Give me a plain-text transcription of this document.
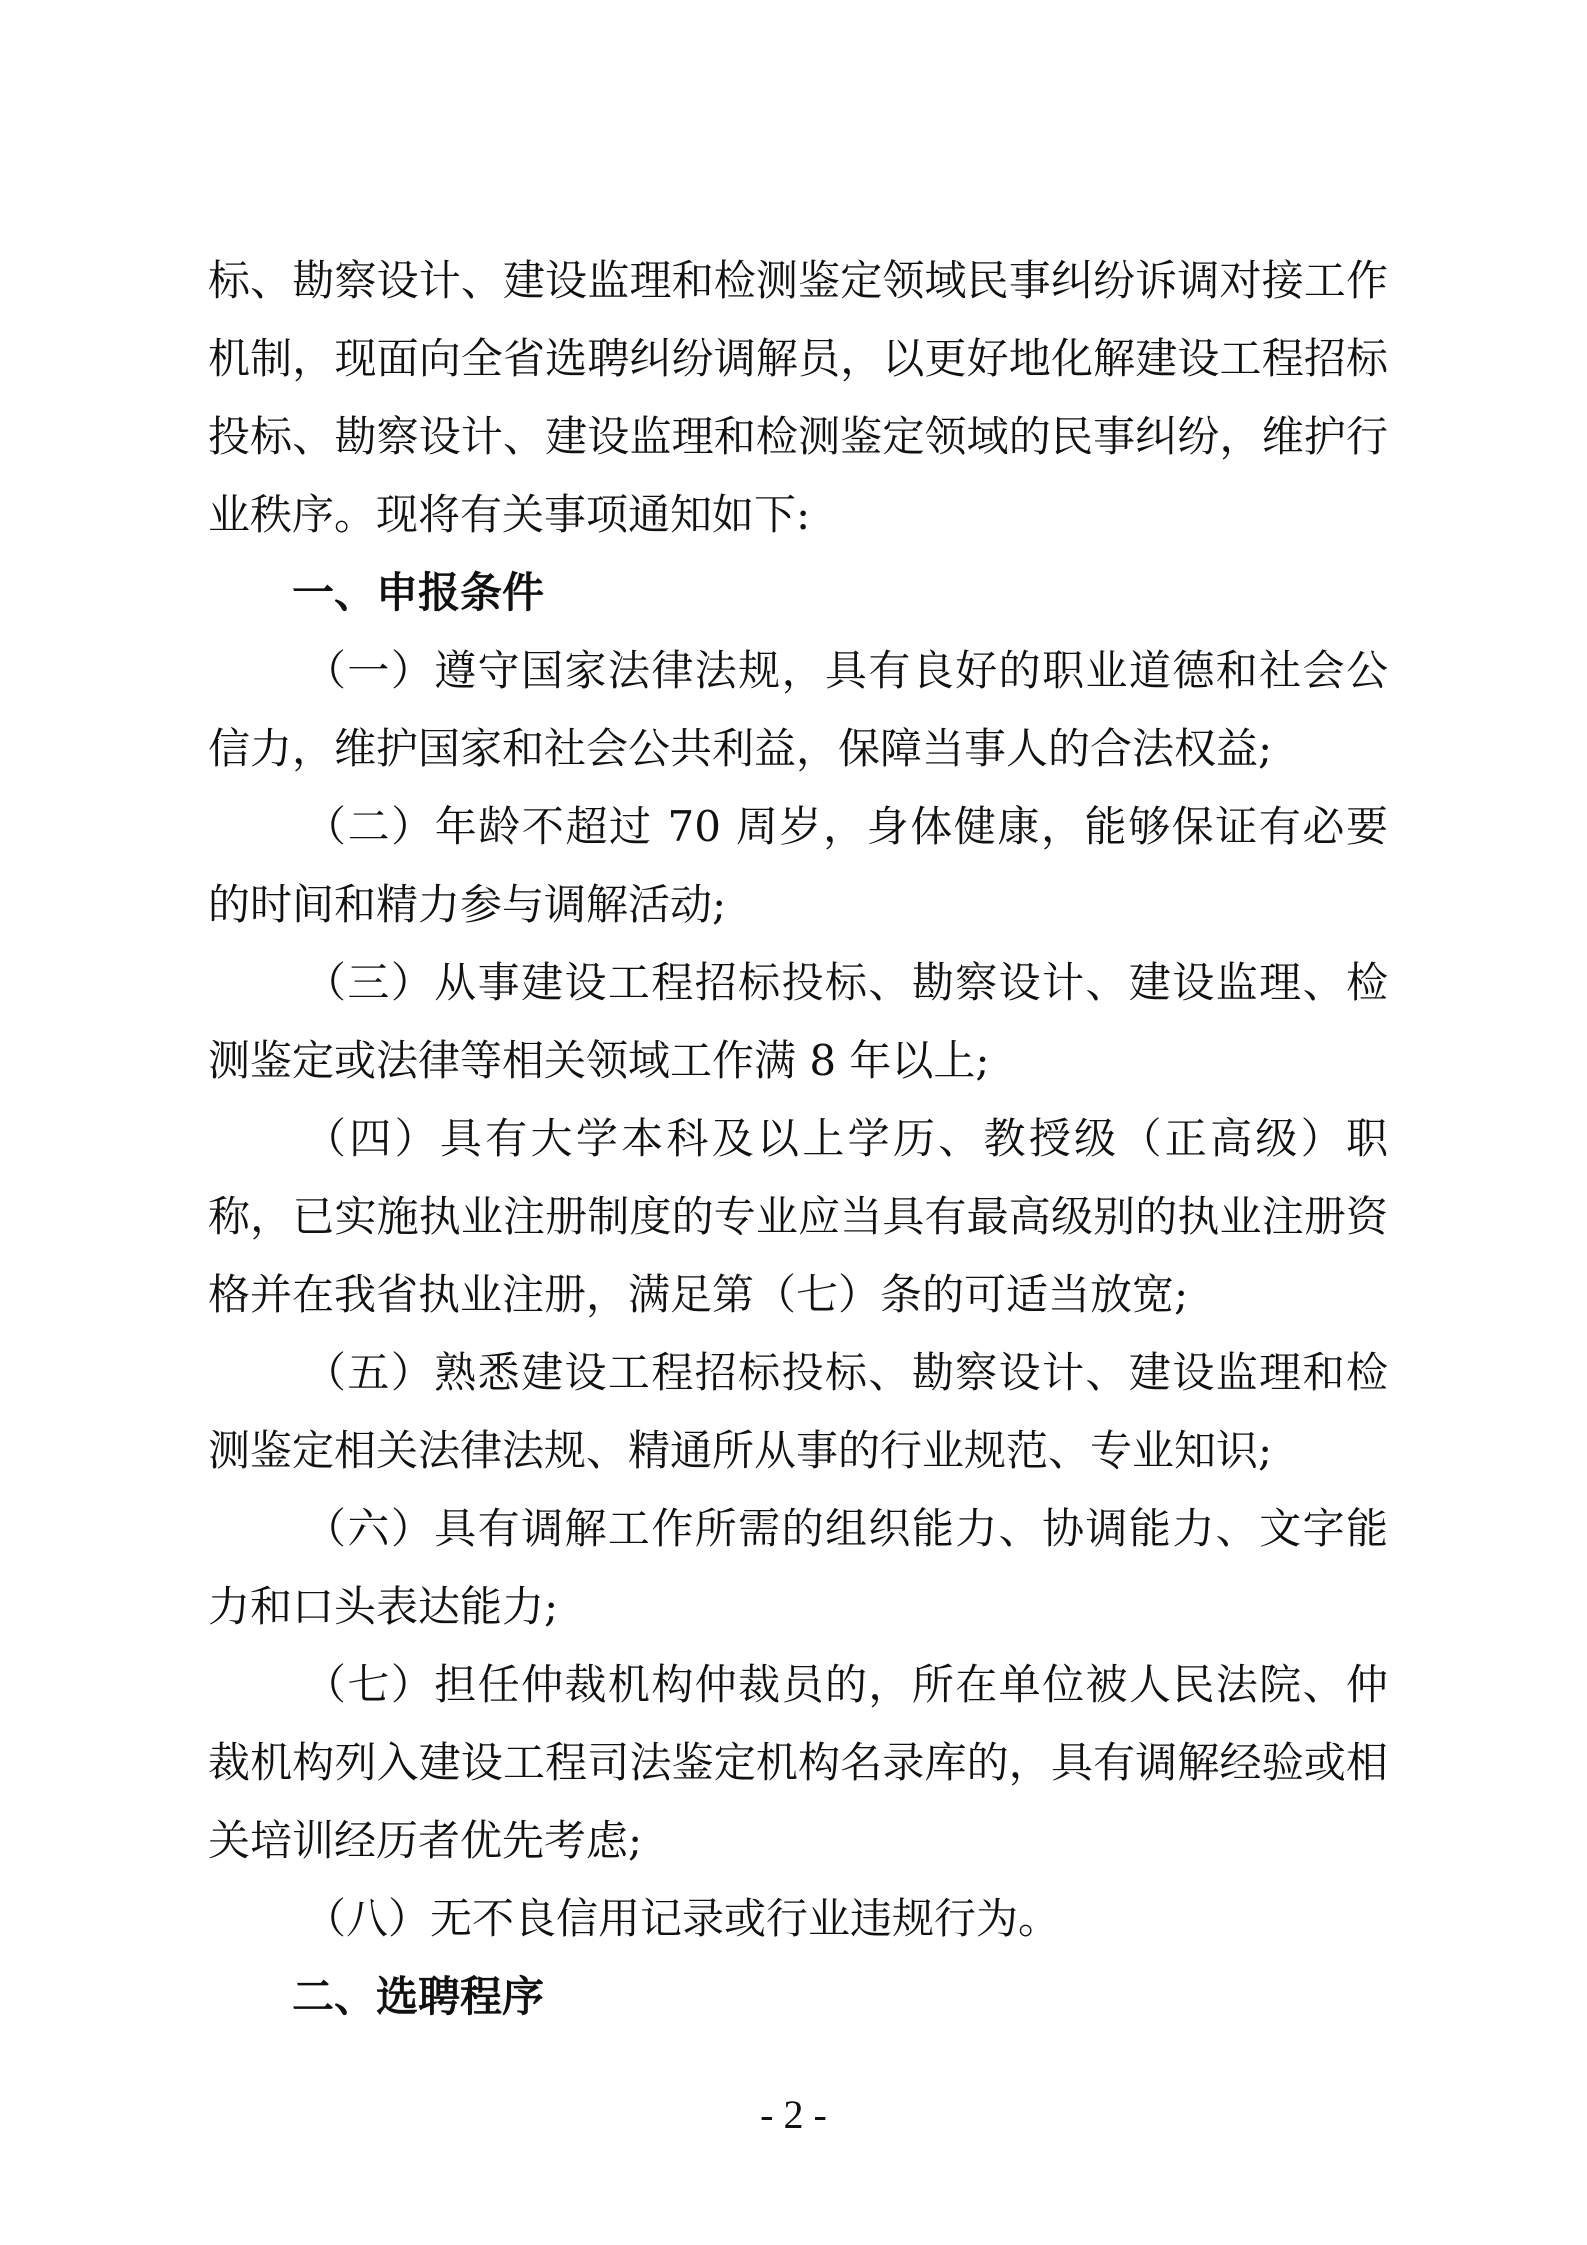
标、勘察设计、建设监理和检测鉴定领域民事纠纷诉调对接工作机制，现面向全省选聘纠纷调解员，以更好地化解建设工程招标投标、勘察设计、建设监理和检测鉴定领域的民事纠纷，维护行业秩序。现将有关事项通知如下:

一、申报条件

（一）遵守国家法律法规，具有良好的职业道德和社会公信力，维护国家和社会公共利益，保障当事人的合法权益;

（二）年龄不超过 70 周岁，身体健康，能够保证有必要的时间和精力参与调解活动;

（三）从事建设工程招标投标、勘察设计、建设监理、检测鉴定或法律等相关领域工作满 8 年以上;

（四）具有大学本科及以上学历、教授级（正高级）职称，已实施执业注册制度的专业应当具有最高级别的执业注册资格并在我省执业注册，满足第（七）条的可适当放宽;

（五）熟悉建设工程招标投标、勘察设计、建设监理和检测鉴定相关法律法规、精通所从事的行业规范、专业知识;

（六）具有调解工作所需的组织能力、协调能力、文字能力和口头表达能力;

（七）担任仲裁机构仲裁员的，所在单位被人民法院、仲裁机构列入建设工程司法鉴定机构名录库的，具有调解经验或相关培训经历者优先考虑;

（八）无不良信用记录或行业违规行为。

二、选聘程序

- 2 -
